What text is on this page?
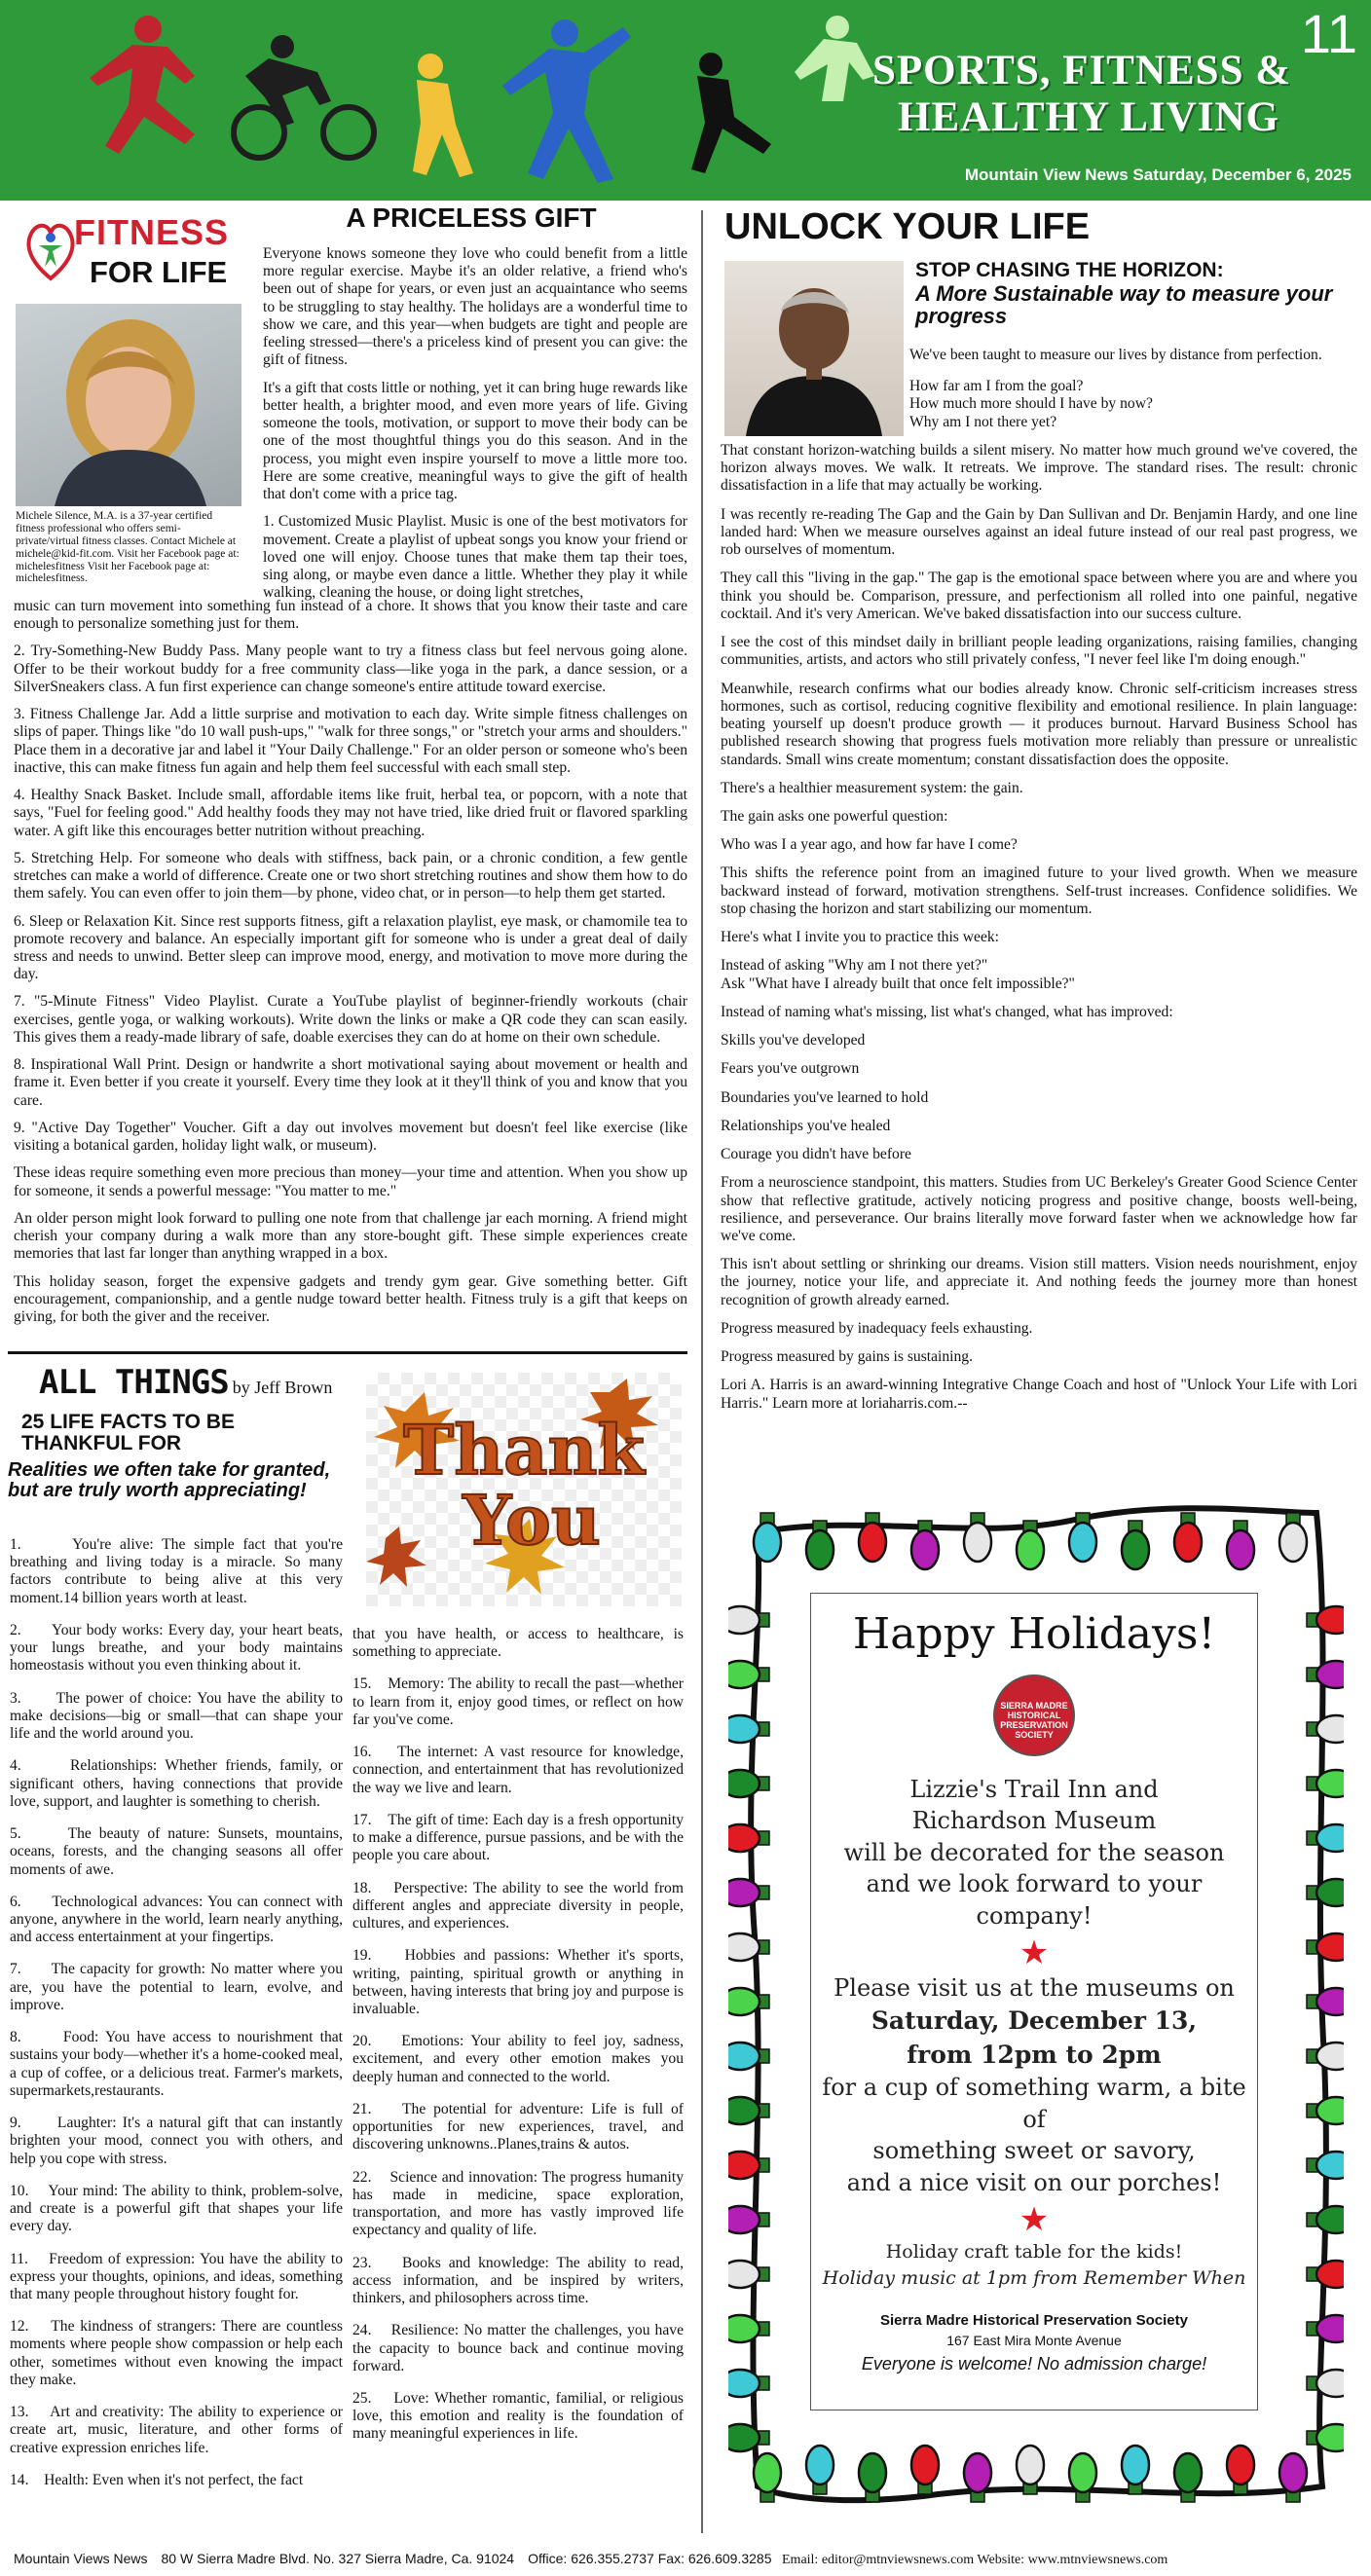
11
SPORTS, FITNESS &
HEALTHY LIVING
Mountain View News Saturday, December 6, 2025
FITNESS
FOR LIFE
Michele Silence, M.A. is a 37-year certified fitness professional who offers semi-private/virtual fitness classes. Contact Michele at michele@kid-fit.com. Visit her Facebook page at: michelesfitness Visit her Facebook page at: michelesfitness.
A PRICELESS GIFT

Everyone knows someone they love who could benefit from a little more regular exercise. Maybe it's an older relative, a friend who's been out of shape for years, or even just an acquaintance who seems to be struggling to stay healthy. The holidays are a wonderful time to show we care, and this year—when budgets are tight and people are feeling stressed—there's a priceless kind of present you can give: the gift of fitness.

It's a gift that costs little or nothing, yet it can bring huge rewards like better health, a brighter mood, and even more years of life. Giving someone the tools, motivation, or support to move their body can be one of the most thoughtful things you do this season. And in the process, you might even inspire yourself to move a little more too. Here are some creative, meaningful ways to give the gift of health that don't come with a price tag.

1. Customized Music Playlist. Music is one of the best motivators for movement. Create a playlist of upbeat songs you know your friend or loved one will enjoy. Choose tunes that make them tap their toes, sing along, or maybe even dance a little. Whether they play it while walking, cleaning the house, or doing light stretches,

music can turn movement into something fun instead of a chore. It shows that you know their taste and care enough to personalize something just for them.

2. Try-Something-New Buddy Pass. Many people want to try a fitness class but feel nervous going alone. Offer to be their workout buddy for a free community class—like yoga in the park, a dance session, or a SilverSneakers class. A fun first experience can change someone's entire attitude toward exercise.

3. Fitness Challenge Jar. Add a little surprise and motivation to each day. Write simple fitness challenges on slips of paper. Things like "do 10 wall push-ups," "walk for three songs," or "stretch your arms and shoulders." Place them in a decorative jar and label it "Your Daily Challenge." For an older person or someone who's been inactive, this can make fitness fun again and help them feel successful with each small step.

4. Healthy Snack Basket. Include small, affordable items like fruit, herbal tea, or popcorn, with a note that says, "Fuel for feeling good." Add healthy foods they may not have tried, like dried fruit or flavored sparkling water. A gift like this encourages better nutrition without preaching.

5. Stretching Help. For someone who deals with stiffness, back pain, or a chronic condition, a few gentle stretches can make a world of difference. Create one or two short stretching routines and show them how to do them safely. You can even offer to join them—by phone, video chat, or in person—to help them get started.

6. Sleep or Relaxation Kit. Since rest supports fitness, gift a relaxation playlist, eye mask, or chamomile tea to promote recovery and balance. An especially important gift for someone who is under a great deal of daily stress and needs to unwind. Better sleep can improve mood, energy, and motivation to move more during the day.

7. "5-Minute Fitness" Video Playlist. Curate a YouTube playlist of beginner-friendly workouts (chair exercises, gentle yoga, or walking workouts). Write down the links or make a QR code they can scan easily. This gives them a ready-made library of safe, doable exercises they can do at home on their own schedule.

8. Inspirational Wall Print. Design or handwrite a short motivational saying about movement or health and frame it. Even better if you create it yourself. Every time they look at it they'll think of you and know that you care.

9. "Active Day Together" Voucher. Gift a day out involves movement but doesn't feel like exercise (like visiting a botanical garden, holiday light walk, or museum).

These ideas require something even more precious than money—your time and attention. When you show up for someone, it sends a powerful message: "You matter to me."

An older person might look forward to pulling one note from that challenge jar each morning. A friend might cherish your company during a walk more than any store-bought gift. These simple experiences create memories that last far longer than anything wrapped in a box.

This holiday season, forget the expensive gadgets and trendy gym gear. Give something better. Gift encouragement, companionship, and a gentle nudge toward better health. Fitness truly is a gift that keeps on giving, for both the giver and the receiver.

ALL THINGS by Jeff Brown
25 LIFE FACTS TO BE THANKFUL FOR
Realities we often take for granted, but are truly worth appreciating!	Thank
You

1.      You're alive: The simple fact that you're breathing and living today is a miracle. So many factors contribute to being alive at this very moment.14 billion years worth at least.

2.      Your body works: Every day, your heart beats, your lungs breathe, and your body maintains homeostasis without you even thinking about it.

3.      The power of choice: You have the ability to make decisions—big or small—that can shape your life and the world around you.

4.      Relationships: Whether friends, family, or significant others, having connections that provide love, support, and laughter is something to cherish.

5.      The beauty of nature: Sunsets, mountains, oceans, forests, and the changing seasons all offer moments of awe.

6.      Technological advances: You can connect with anyone, anywhere in the world, learn nearly anything, and access entertainment at your fingertips.

7.      The capacity for growth: No matter where you are, you have the potential to learn, evolve, and improve.

8.      Food: You have access to nourishment that sustains your body—whether it's a home-cooked meal, a cup of coffee, or a delicious treat. Farmer's markets, supermarkets,restaurants.

9.      Laughter: It's a natural gift that can instantly brighten your mood, connect you with others, and help you cope with stress.

10.    Your mind: The ability to think, problem-solve, and create is a powerful gift that shapes your life every day.

11.    Freedom of expression: You have the ability to express your thoughts, opinions, and ideas, something that many people throughout history fought for.

12.    The kindness of strangers: There are countless moments where people show compassion or help each other, sometimes without even knowing the impact they make.

13.    Art and creativity: The ability to experience or create art, music, literature, and other forms of creative expression enriches life.

14.    Health: Even when it's not perfect, the fact

that you have health, or access to healthcare, is something to appreciate.

15.    Memory: The ability to recall the past—whether to learn from it, enjoy good times, or reflect on how far you've come.

16.    The internet: A vast resource for knowledge, connection, and entertainment that has revolutionized the way we live and learn.

17.    The gift of time: Each day is a fresh opportunity to make a difference, pursue passions, and be with the people you care about.

18.    Perspective: The ability to see the world from different angles and appreciate diversity in people, cultures, and experiences.

19.    Hobbies and passions: Whether it's sports, writing, painting, spiritual growth or anything in between, having interests that bring joy and purpose is invaluable.

20.    Emotions: Your ability to feel joy, sadness, excitement, and every other emotion makes you deeply human and connected to the world.

21.    The potential for adventure: Life is full of opportunities for new experiences, travel, and discovering unknowns..Planes,trains & autos.

22.    Science and innovation: The progress humanity has made in medicine, space exploration, transportation, and more has vastly improved life expectancy and quality of life.

23.    Books and knowledge: The ability to read, access information, and be inspired by writers, thinkers, and philosophers across time.

24.    Resilience: No matter the challenges, you have the capacity to bounce back and continue moving forward.

25.    Love: Whether romantic, familial, or religious love, this emotion and reality is the foundation of many meaningful experiences in life.

UNLOCK YOUR LIFE
STOP CHASING THE HORIZON:
A More Sustainable way to measure your progress

We've been taught to measure our lives by distance from perfection.

How far am I from the goal?

How much more should I have by now?

Why am I not there yet?

That constant horizon-watching builds a silent misery. No matter how much ground we've covered, the horizon always moves. We walk. It retreats. We improve. The standard rises. The result: chronic dissatisfaction in a life that may actually be working.

I was recently re-reading The Gap and the Gain by Dan Sullivan and Dr. Benjamin Hardy, and one line landed hard: When we measure ourselves against an ideal future instead of our real past progress, we rob ourselves of momentum.

They call this "living in the gap." The gap is the emotional space between where you are and where you think you should be. Comparison, pressure, and perfectionism all rolled into one painful, negative cocktail. And it's very American. We've baked dissatisfaction into our success culture.

I see the cost of this mindset daily in brilliant people leading organizations, raising families, changing communities, artists, and actors who still privately confess, "I never feel like I'm doing enough."

Meanwhile, research confirms what our bodies already know. Chronic self-criticism increases stress hormones, such as cortisol, reducing cognitive flexibility and emotional resilience. In plain language: beating yourself up doesn't produce growth — it produces burnout. Harvard Business School has published research showing that progress fuels motivation more reliably than pressure or unrealistic standards. Small wins create momentum; constant dissatisfaction does the opposite.

There's a healthier measurement system: the gain.

The gain asks one powerful question:

Who was I a year ago, and how far have I come?

This shifts the reference point from an imagined future to your lived growth. When we measure backward instead of forward, motivation strengthens. Self-trust increases. Confidence solidifies. We stop chasing the horizon and start stabilizing our momentum.

Here's what I invite you to practice this week:

Instead of asking "Why am I not there yet?"

Ask "What have I already built that once felt impossible?"

Instead of naming what's missing, list what's changed, what has improved:

Skills you've developed

Fears you've outgrown

Boundaries you've learned to hold

Relationships you've healed

Courage you didn't have before

From a neuroscience standpoint, this matters. Studies from UC Berkeley's Greater Good Science Center show that reflective gratitude, actively noticing progress and positive change, boosts well-being, resilience, and perseverance. Our brains literally move forward faster when we acknowledge how far we've come.

This isn't about settling or shrinking our dreams. Vision still matters. Vision needs nourishment, enjoy the journey, notice your life, and appreciate it. And nothing feeds the journey more than honest recognition of growth already earned.

Progress measured by inadequacy feels exhausting.

Progress measured by gains is sustaining.

Lori A. Harris is an award-winning Integrative Change Coach and host of "Unlock Your Life with Lori Harris." Learn more at loriaharris.com.--

Happy Holidays!
SIERRA MADRE HISTORICAL PRESERVATION SOCIETY
Lizzie's Trail Inn and
Richardson Museum
will be decorated for the season
and we look forward to your company!
★
Please visit us at the museums on
Saturday, December 13,
from 12pm to 2pm
for a cup of something warm, a bite of
something sweet or savory,
and a nice visit on our porches!
★
Holiday craft table for the kids!
Holiday music at 1pm from Remember When
Sierra Madre Historical Preservation Society
167 East Mira Monte Avenue
Everyone is welcome! No admission charge!
Mountain Views News 80 W Sierra Madre Blvd. No. 327 Sierra Madre, Ca. 91024 Office: 626.355.2737 Fax: 626.609.3285 Email: editor@mtnviewsnews.com Website: www.mtnviewsnews.com
